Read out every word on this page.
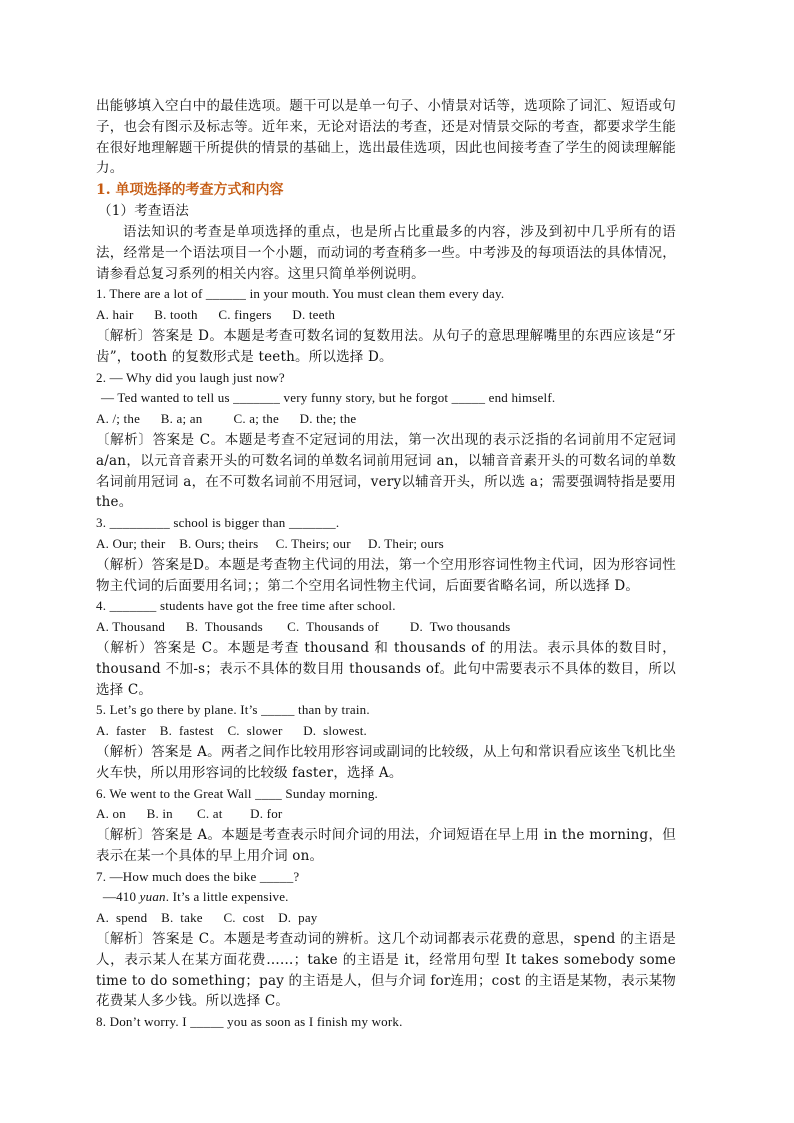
出能够填入空白中的最佳选项。题干可以是单一句子、小情景对话等，选项除了词汇、短语或句子，也会有图示及标志等。近年来，无论对语法的考查，还是对情景交际的考查，都要求学生能在很好地理解题干所提供的情景的基础上，选出最佳选项，因此也间接考查了学生的阅读理解能力。

1. 单项选择的考查方式和内容

（1）考查语法

语法知识的考查是单项选择的重点，也是所占比重最多的内容，涉及到初中几乎所有的语法，经常是一个语法项目一个小题，而动词的考查稍多一些。中考涉及的每项语法的具体情况，请参看总复习系列的相关内容。这里只简单举例说明。

1. There are a lot of ______ in your mouth. You must clean them every day.

A. hair      B. tooth      C. fingers      D. teeth

〔解析〕答案是 D。本题是考查可数名词的复数用法。从句子的意思理解嘴里的东西应该是“牙齿”，tooth 的复数形式是 teeth。所以选择 D。

2. — Why did you laugh just now?

— Ted wanted to tell us _______ very funny story, but he forgot _____ end himself.

A. /; the      B. a; an         C. a; the      D. the; the

〔解析〕答案是 C。本题是考查不定冠词的用法，第一次出现的表示泛指的名词前用不定冠词 a/an，以元音音素开头的可数名词的单数名词前用冠词 an，以辅音音素开头的可数名词的单数名词前用冠词 a，在不可数名词前不用冠词，very以辅音开头，所以选 a；需要强调特指是要用 the。

3. _________ school is bigger than _______.

A. Our; their    B. Ours; theirs     C. Theirs; our     D. Their; ours

（解析）答案是D。本题是考查物主代词的用法，第一个空用形容词性物主代词，因为形容词性物主代词的后面要用名词；；第二个空用名词性物主代词，后面要省略名词，所以选择 D。

4. _______ students have got the free time after school.

A. Thousand      B.  Thousands       C.  Thousands of         D.  Two thousands

（解析）答案是 C。本题是考查 thousand 和 thousands of 的用法。表示具体的数目时，thousand 不加-s；表示不具体的数目用 thousands of。此句中需要表示不具体的数目，所以选择 C。

5. Let’s go there by plane. It’s _____ than by train.

A.  faster    B.  fastest    C.  slower      D.  slowest.

（解析）答案是 A。两者之间作比较用形容词或副词的比较级，从上句和常识看应该坐飞机比坐火车快，所以用形容词的比较级 faster，选择 A。

6. We went to the Great Wall ____ Sunday morning.

A. on      B. in       C. at        D. for

〔解析〕答案是 A。本题是考查表示时间介词的用法，介词短语在早上用 in the morning，但表示在某一个具体的早上用介词 on。

7. —How much does the bike _____?

—410 yuan. It’s a little expensive.

A.  spend    B.  take      C.  cost    D.  pay

〔解析〕答案是 C。本题是考查动词的辨析。这几个动词都表示花费的意思，spend 的主语是人，表示某人在某方面花费……；take 的主语是 it，经常用句型 It takes somebody some time to do something；pay 的主语是人，但与介词 for连用；cost 的主语是某物，表示某物花费某人多少钱。所以选择 C。

8. Don’t worry. I _____ you as soon as I finish my work.
